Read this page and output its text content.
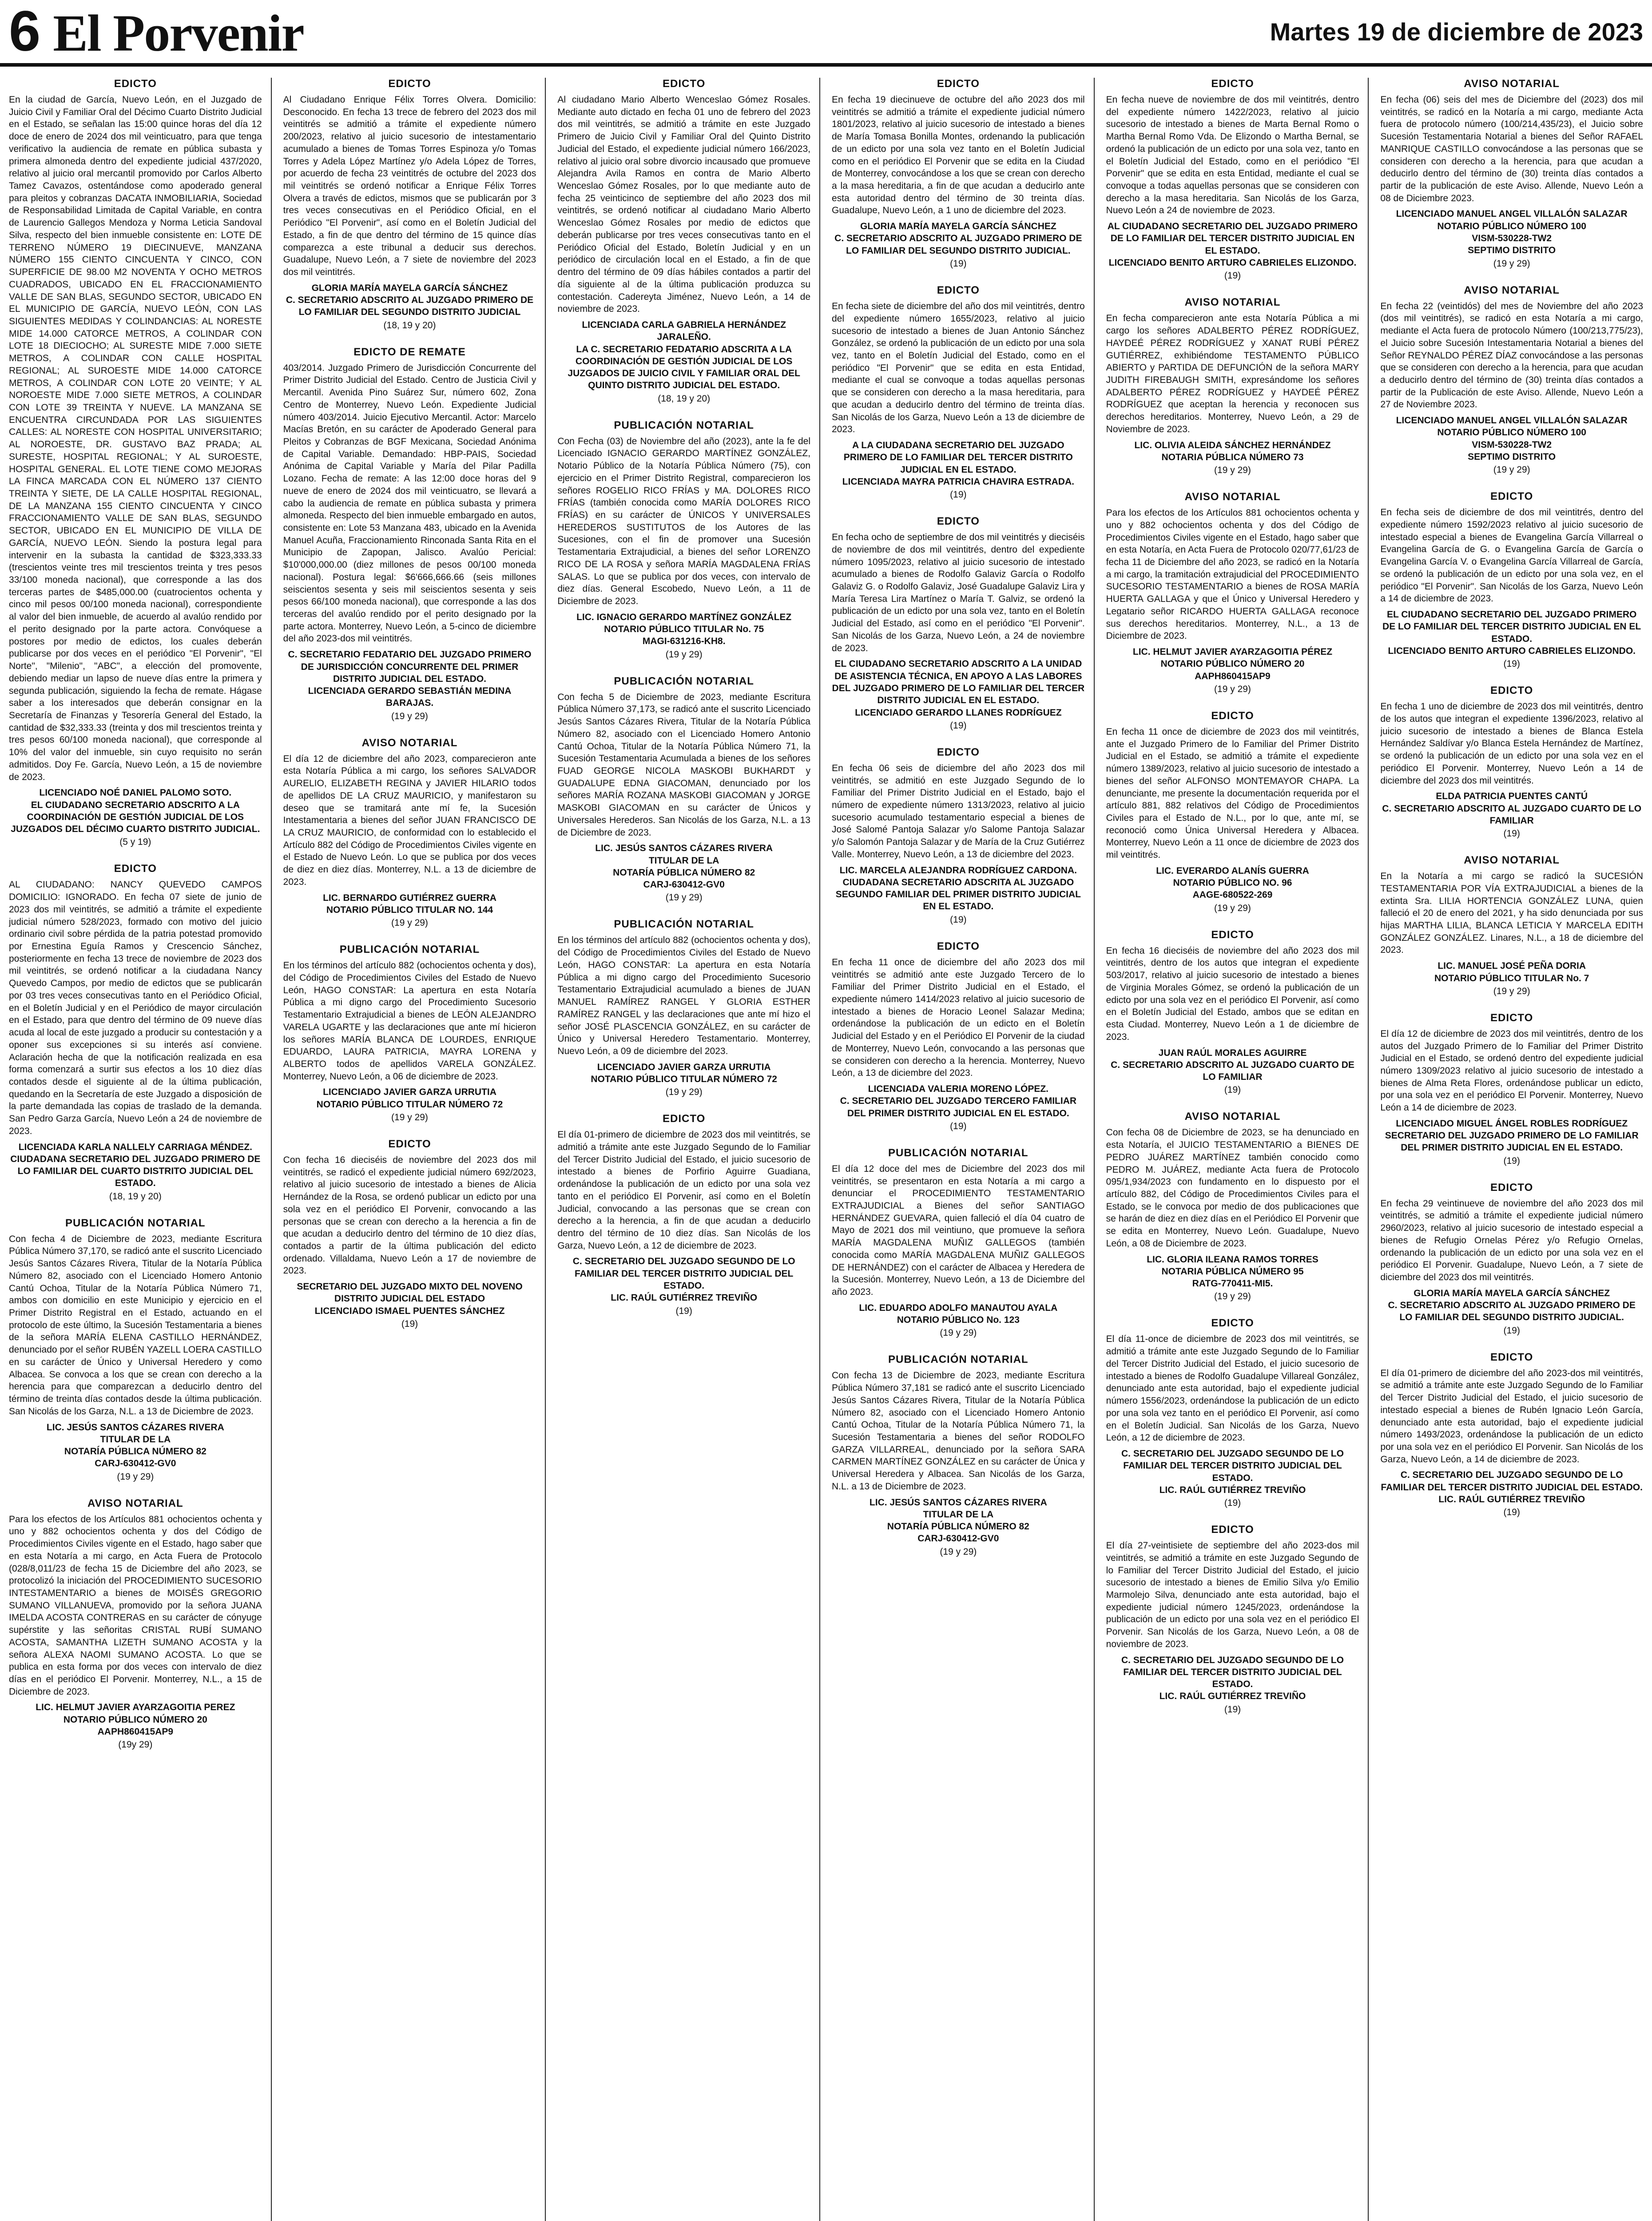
6 El Porvenir	Martes 19 de diciembre de 2023
EDICTO

En la ciudad de García, Nuevo León, en el Juzgado de Juicio Civil y Familiar Oral del Décimo Cuarto Distrito Judicial en el Estado, se señalan las 15:00 quince horas del día 12 doce de enero de 2024 dos mil veinticuatro, para que tenga verificativo la audiencia de remate en pública subasta y primera almoneda dentro del expediente judicial 437/2020, relativo al juicio oral mercantil promovido por Carlos Alberto Tamez Cavazos, ostentándose como apoderado general para pleitos y cobranzas DACATA INMOBILIARIA, Sociedad de Responsabilidad Limitada de Capital Variable, en contra de Laurencio Gallegos Mendoza y Norma Leticia Sandoval Silva, respecto del bien inmueble consistente en: LOTE DE TERRENO NÚMERO 19 DIECINUEVE, MANZANA NÚMERO 155 CIENTO CINCUENTA Y CINCO, CON SUPERFICIE DE 98.00 M2 NOVENTA Y OCHO METROS CUADRADOS, UBICADO EN EL FRACCIONAMIENTO VALLE DE SAN BLAS, SEGUNDO SECTOR, UBICADO EN EL MUNICIPIO DE GARCÍA, NUEVO LEÓN, CON LAS SIGUIENTES MEDIDAS Y COLINDANCIAS: AL NORESTE MIDE 14.000 CATORCE METROS, A COLINDAR CON LOTE 18 DIECIOCHO; AL SURESTE MIDE 7.000 SIETE METROS, A COLINDAR CON CALLE HOSPITAL REGIONAL; AL SUROESTE MIDE 14.000 CATORCE METROS, A COLINDAR CON LOTE 20 VEINTE; Y AL NOROESTE MIDE 7.000 SIETE METROS, A COLINDAR CON LOTE 39 TREINTA Y NUEVE. LA MANZANA SE ENCUENTRA CIRCUNDADA POR LAS SIGUIENTES CALLES: AL NORESTE CON HOSPITAL UNIVERSITARIO; AL NOROESTE, DR. GUSTAVO BAZ PRADA; AL SURESTE, HOSPITAL REGIONAL; Y AL SUROESTE, HOSPITAL GENERAL. EL LOTE TIENE COMO MEJORAS LA FINCA MARCADA CON EL NÚMERO 137 CIENTO TREINTA Y SIETE, DE LA CALLE HOSPITAL REGIONAL, DE LA MANZANA 155 CIENTO CINCUENTA Y CINCO FRACCIONAMIENTO VALLE DE SAN BLAS, SEGUNDO SECTOR, UBICADO EN EL MUNICIPIO DE VILLA DE GARCÍA, NUEVO LEÓN. Siendo la postura legal para intervenir en la subasta la cantidad de $323,333.33 (trescientos veinte tres mil trescientos treinta y tres pesos 33/100 moneda nacional), que corresponde a las dos terceras partes de $485,000.00 (cuatrocientos ochenta y cinco mil pesos 00/100 moneda nacional), correspondiente al valor del bien inmueble, de acuerdo al avalúo rendido por el perito designado por la parte actora. Convóquese a postores por medio de edictos, los cuales deberán publicarse por dos veces en el periódico "El Porvenir", "El Norte", "Milenio", "ABC", a elección del promovente, debiendo mediar un lapso de nueve días entre la primera y segunda publicación, siguiendo la fecha de remate. Hágase saber a los interesados que deberán consignar en la Secretaría de Finanzas y Tesorería General del Estado, la cantidad de $32,333.33 (treinta y dos mil trescientos treinta y tres pesos 60/100 moneda nacional), que corresponde al 10% del valor del inmueble, sin cuyo requisito no serán admitidos. Doy Fe. García, Nuevo León, a 15 de noviembre de 2023.

LICENCIADO NOÉ DANIEL PALOMO SOTO.
EL CIUDADANO SECRETARIO ADSCRITO A LA COORDINACIÓN DE GESTIÓN JUDICIAL DE LOS JUZGADOS DEL DÉCIMO CUARTO DISTRITO JUDICIAL.

(5 y 19)

EDICTO

AL CIUDADANO: NANCY QUEVEDO CAMPOS DOMICILIO: IGNORADO. En fecha 07 siete de junio de 2023 dos mil veintitrés, se admitió a trámite el expediente judicial número 528/2023, formado con motivo del juicio ordinario civil sobre pérdida de la patria potestad promovido por Ernestina Eguía Ramos y Crescencio Sánchez, posteriormente en fecha 13 trece de noviembre de 2023 dos mil veintitrés, se ordenó notificar a la ciudadana Nancy Quevedo Campos, por medio de edictos que se publicarán por 03 tres veces consecutivas tanto en el Periódico Oficial, en el Boletín Judicial y en el Periódico de mayor circulación en el Estado, para que dentro del término de 09 nueve días acuda al local de este juzgado a producir su contestación y a oponer sus excepciones si su interés así conviene. Aclaración hecha de que la notificación realizada en esa forma comenzará a surtir sus efectos a los 10 diez días contados desde el siguiente al de la última publicación, quedando en la Secretaría de este Juzgado a disposición de la parte demandada las copias de traslado de la demanda. San Pedro Garza García, Nuevo León a 24 de noviembre de 2023.

LICENCIADA KARLA NALLELY CARRIAGA MÉNDEZ.
CIUDADANA SECRETARIO DEL JUZGADO PRIMERO DE LO FAMILIAR DEL CUARTO DISTRITO JUDICIAL DEL ESTADO.

(18, 19 y 20)

PUBLICACIÓN NOTARIAL

Con fecha 4 de Diciembre de 2023, mediante Escritura Pública Número 37,170, se radicó ante el suscrito Licenciado Jesús Santos Cázares Rivera, Titular de la Notaría Pública Número 82, asociado con el Licenciado Homero Antonio Cantú Ochoa, Titular de la Notaría Pública Número 71, ambos con domicilio en este Municipio y ejercicio en el Primer Distrito Registral en el Estado, actuando en el protocolo de este último, la Sucesión Testamentaria a bienes de la señora MARÍA ELENA CASTILLO HERNÁNDEZ, denunciado por el señor RUBÉN YAZELL LOERA CASTILLO en su carácter de Único y Universal Heredero y como Albacea. Se convoca a los que se crean con derecho a la herencia para que comparezcan a deducirlo dentro del término de treinta días contados desde la última publicación. San Nicolás de los Garza, N.L. a 13 de Diciembre de 2023.

LIC. JESÚS SANTOS CÁZARES RIVERA
TITULAR DE LA
NOTARÍA PÚBLICA NÚMERO 82
CARJ-630412-GV0

(19 y 29)

AVISO NOTARIAL

Para los efectos de los Artículos 881 ochocientos ochenta y uno y 882 ochocientos ochenta y dos del Código de Procedimientos Civiles vigente en el Estado, hago saber que en esta Notaría a mi cargo, en Acta Fuera de Protocolo (028/8,011/23 de fecha 15 de Diciembre del año 2023, se protocolizó la iniciación del PROCEDIMIENTO SUCESORIO INTESTAMENTARIO a bienes de MOISÉS GREGORIO SUMANO VILLANUEVA, promovido por la señora JUANA IMELDA ACOSTA CONTRERAS en su carácter de cónyuge supérstite y las señoritas CRISTAL RUBÍ SUMANO ACOSTA, SAMANTHA LIZETH SUMANO ACOSTA y la señora ALEXA NAOMI SUMANO ACOSTA. Lo que se publica en esta forma por dos veces con intervalo de diez días en el periódico El Porvenir. Monterrey, N.L., a 15 de Diciembre de 2023.

LIC. HELMUT JAVIER AYARZAGOITIA PEREZ
NOTARIO PÚBLICO NÚMERO 20
AAPH860415AP9

(19y 29)

EDICTO

Al Ciudadano Enrique Félix Torres Olvera. Domicilio: Desconocido. En fecha 13 trece de febrero del 2023 dos mil veintitrés se admitió a trámite el expediente número 200/2023, relativo al juicio sucesorio de intestamentario acumulado a bienes de Tomas Torres Espinoza y/o Tomas Torres y Adela López Martínez y/o Adela López de Torres, por acuerdo de fecha 23 veintitrés de octubre del 2023 dos mil veintitrés se ordenó notificar a Enrique Félix Torres Olvera a través de edictos, mismos que se publicarán por 3 tres veces consecutivas en el Periódico Oficial, en el Periódico "El Porvenir", así como en el Boletín Judicial del Estado, a fin de que dentro del término de 15 quince días comparezca a este tribunal a deducir sus derechos. Guadalupe, Nuevo León, a 7 siete de noviembre del 2023 dos mil veintitrés.

GLORIA MARÍA MAYELA GARCÍA SÁNCHEZ
C. SECRETARIO ADSCRITO AL JUZGADO PRIMERO DE LO FAMILIAR DEL SEGUNDO DISTRITO JUDICIAL

(18, 19 y 20)

EDICTO DE REMATE

403/2014. Juzgado Primero de Jurisdicción Concurrente del Primer Distrito Judicial del Estado. Centro de Justicia Civil y Mercantil. Avenida Pino Suárez Sur, número 602, Zona Centro de Monterrey, Nuevo León. Expediente Judicial número 403/2014. Juicio Ejecutivo Mercantil. Actor: Marcelo Macías Bretón, en su carácter de Apoderado General para Pleitos y Cobranzas de BGF Mexicana, Sociedad Anónima de Capital Variable. Demandado: HBP-PAIS, Sociedad Anónima de Capital Variable y María del Pilar Padilla Lozano. Fecha de remate: A las 12:00 doce horas del 9 nueve de enero de 2024 dos mil veinticuatro, se llevará a cabo la audiencia de remate en pública subasta y primera almoneda. Respecto del bien inmueble embargado en autos, consistente en: Lote 53 Manzana 483, ubicado en la Avenida Manuel Acuña, Fraccionamiento Rinconada Santa Rita en el Municipio de Zapopan, Jalisco. Avalúo Pericial: $10'000,000.00 (diez millones de pesos 00/100 moneda nacional). Postura legal: $6'666,666.66 (seis millones seiscientos sesenta y seis mil seiscientos sesenta y seis pesos 66/100 moneda nacional), que corresponde a las dos terceras del avalúo rendido por el perito designado por la parte actora. Monterrey, Nuevo León, a 5-cinco de diciembre del año 2023-dos mil veintitrés.

C. SECRETARIO FEDATARIO DEL JUZGADO PRIMERO DE JURISDICCIÓN CONCURRENTE DEL PRIMER DISTRITO JUDICIAL DEL ESTADO.
LICENCIADA GERARDO SEBASTIÁN MEDINA BARAJAS.

(19 y 29)

AVISO NOTARIAL

El día 12 de diciembre del año 2023, comparecieron ante esta Notaría Pública a mi cargo, los señores SALVADOR AURELIO, ELIZABETH REGINA y JAVIER HILARIO todos de apellidos DE LA CRUZ MAURICIO, y manifestaron su deseo que se tramitará ante mí fe, la Sucesión Intestamentaria a bienes del señor JUAN FRANCISCO DE LA CRUZ MAURICIO, de conformidad con lo establecido el Artículo 882 del Código de Procedimientos Civiles vigente en el Estado de Nuevo León. Lo que se publica por dos veces de diez en diez días. Monterrey, N.L. a 13 de diciembre de 2023.

LIC. BERNARDO GUTIÉRREZ GUERRA
NOTARIO PÚBLICO TITULAR NO. 144

(19 y 29)

PUBLICACIÓN NOTARIAL

En los términos del artículo 882 (ochocientos ochenta y dos), del Código de Procedimientos Civiles del Estado de Nuevo León, HAGO CONSTAR: La apertura en esta Notaría Pública a mi digno cargo del Procedimiento Sucesorio Testamentario Extrajudicial a bienes de LEÓN ALEJANDRO VARELA UGARTE y las declaraciones que ante mí hicieron los señores MARÍA BLANCA DE LOURDES, ENRIQUE EDUARDO, LAURA PATRICIA, MAYRA LORENA y ALBERTO todos de apellidos VARELA GONZÁLEZ. Monterrey, Nuevo León, a 06 de diciembre de 2023.

LICENCIADO JAVIER GARZA URRUTIA
NOTARIO PÚBLICO TITULAR NÚMERO 72

(19 y 29)

EDICTO

Con fecha 16 dieciséis de noviembre del 2023 dos mil veintitrés, se radicó el expediente judicial número 692/2023, relativo al juicio sucesorio de intestado a bienes de Alicia Hernández de la Rosa, se ordenó publicar un edicto por una sola vez en el periódico El Porvenir, convocando a las personas que se crean con derecho a la herencia a fin de que acudan a deducirlo dentro del término de 10 diez días, contados a partir de la última publicación del edicto ordenado. Villaldama, Nuevo León a 17 de noviembre de 2023.

SECRETARIO DEL JUZGADO MIXTO DEL NOVENO DISTRITO JUDICIAL DEL ESTADO
LICENCIADO ISMAEL PUENTES SÁNCHEZ

(19)

EDICTO

Al ciudadano Mario Alberto Wenceslao Gómez Rosales. Mediante auto dictado en fecha 01 uno de febrero del 2023 dos mil veintitrés, se admitió a trámite en este Juzgado Primero de Juicio Civil y Familiar Oral del Quinto Distrito Judicial del Estado, el expediente judicial número 166/2023, relativo al juicio oral sobre divorcio incausado que promueve Alejandra Avila Ramos en contra de Mario Alberto Wenceslao Gómez Rosales, por lo que mediante auto de fecha 25 veinticinco de septiembre del año 2023 dos mil veintitrés, se ordenó notificar al ciudadano Mario Alberto Wenceslao Gómez Rosales por medio de edictos que deberán publicarse por tres veces consecutivas tanto en el Periódico Oficial del Estado, Boletín Judicial y en un periódico de circulación local en el Estado, a fin de que dentro del término de 09 días hábiles contados a partir del día siguiente al de la última publicación produzca su contestación. Cadereyta Jiménez, Nuevo León, a 14 de noviembre de 2023.

LICENCIADA CARLA GABRIELA HERNÁNDEZ JARALEÑO.
LA C. SECRETARIO FEDATARIO ADSCRITA A LA COORDINACIÓN DE GESTIÓN JUDICIAL DE LOS JUZGADOS DE JUICIO CIVIL Y FAMILIAR ORAL DEL QUINTO DISTRITO JUDICIAL DEL ESTADO.

(18, 19 y 20)

PUBLICACIÓN NOTARIAL

Con Fecha (03) de Noviembre del año (2023), ante la fe del Licenciado IGNACIO GERARDO MARTÍNEZ GONZÁLEZ, Notario Público de la Notaría Pública Número (75), con ejercicio en el Primer Distrito Registral, comparecieron los señores ROGELIO RICO FRÍAS y MA. DOLORES RICO FRÍAS (también conocida como MARÍA DOLORES RICO FRÍAS) en su carácter de ÚNICOS Y UNIVERSALES HEREDEROS SUSTITUTOS de los Autores de las Sucesiones, con el fin de promover una Sucesión Testamentaria Extrajudicial, a bienes del señor LORENZO RICO DE LA ROSA y señora MARÍA MAGDALENA FRÍAS SALAS. Lo que se publica por dos veces, con intervalo de diez días. General Escobedo, Nuevo León, a 11 de Diciembre de 2023.

LIC. IGNACIO GERARDO MARTÍNEZ GONZÁLEZ
NOTARIO PÚBLICO TITULAR No. 75
MAGI-631216-KH8.

(19 y 29)

PUBLICACIÓN NOTARIAL

Con fecha 5 de Diciembre de 2023, mediante Escritura Pública Número 37,173, se radicó ante el suscrito Licenciado Jesús Santos Cázares Rivera, Titular de la Notaría Pública Número 82, asociado con el Licenciado Homero Antonio Cantú Ochoa, Titular de la Notaría Pública Número 71, la Sucesión Testamentaria Acumulada a bienes de los señores FUAD GEORGE NICOLA MASKOBI BUKHARDT y GUADALUPE EDNA GIACOMAN, denunciado por los señores MARÍA ROZANA MASKOBI GIACOMAN y JORGE MASKOBI GIACOMAN en su carácter de Únicos y Universales Herederos. San Nicolás de los Garza, N.L. a 13 de Diciembre de 2023.

LIC. JESÚS SANTOS CÁZARES RIVERA
TITULAR DE LA
NOTARÍA PÚBLICA NÚMERO 82
CARJ-630412-GV0

(19 y 29)

PUBLICACIÓN NOTARIAL

En los términos del artículo 882 (ochocientos ochenta y dos), del Código de Procedimientos Civiles del Estado de Nuevo León, HAGO CONSTAR: La apertura en esta Notaría Pública a mi digno cargo del Procedimiento Sucesorio Testamentario Extrajudicial acumulado a bienes de JUAN MANUEL RAMÍREZ RANGEL Y GLORIA ESTHER RAMÍREZ RANGEL y las declaraciones que ante mí hizo el señor JOSÉ PLASCENCIA GONZÁLEZ, en su carácter de Único y Universal Heredero Testamentario. Monterrey, Nuevo León, a 09 de diciembre del 2023.

LICENCIADO JAVIER GARZA URRUTIA
NOTARIO PÚBLICO TITULAR NÚMERO 72

(19 y 29)

EDICTO

El día 01-primero de diciembre de 2023 dos mil veintitrés, se admitió a trámite ante este Juzgado Segundo de lo Familiar del Tercer Distrito Judicial del Estado, el juicio sucesorio de intestado a bienes de Porfirio Aguirre Guadiana, ordenándose la publicación de un edicto por una sola vez tanto en el periódico El Porvenir, así como en el Boletín Judicial, convocando a las personas que se crean con derecho a la herencia, a fin de que acudan a deducirlo dentro del término de 10 diez días. San Nicolás de los Garza, Nuevo León, a 12 de diciembre de 2023.

C. SECRETARIO DEL JUZGADO SEGUNDO DE LO FAMILIAR DEL TERCER DISTRITO JUDICIAL DEL ESTADO.
LIC. RAÚL GUTIÉRREZ TREVIÑO

(19)

EDICTO

En fecha 19 diecinueve de octubre del año 2023 dos mil veintitrés se admitió a trámite el expediente judicial número 1801/2023, relativo al juicio sucesorio de intestado a bienes de María Tomasa Bonilla Montes, ordenando la publicación de un edicto por una sola vez tanto en el Boletín Judicial como en el periódico El Porvenir que se edita en la Ciudad de Monterrey, convocándose a los que se crean con derecho a la masa hereditaria, a fin de que acudan a deducirlo ante esta autoridad dentro del término de 30 treinta días. Guadalupe, Nuevo León, a 1 uno de diciembre del 2023.

GLORIA MARÍA MAYELA GARCÍA SÁNCHEZ
C. SECRETARIO ADSCRITO AL JUZGADO PRIMERO DE LO FAMILIAR DEL SEGUNDO DISTRITO JUDICIAL.

(19)

EDICTO

En fecha siete de diciembre del año dos mil veintitrés, dentro del expediente número 1655/2023, relativo al juicio sucesorio de intestado a bienes de Juan Antonio Sánchez González, se ordenó la publicación de un edicto por una sola vez, tanto en el Boletín Judicial del Estado, como en el periódico "El Porvenir" que se edita en esta Entidad, mediante el cual se convoque a todas aquellas personas que se consideren con derecho a la masa hereditaria, para que acudan a deducirlo dentro del término de treinta días. San Nicolás de los Garza, Nuevo León a 13 de diciembre de 2023.

A LA CIUDADANA SECRETARIO DEL JUZGADO PRIMERO DE LO FAMILIAR DEL TERCER DISTRITO JUDICIAL EN EL ESTADO.
LICENCIADA MAYRA PATRICIA CHAVIRA ESTRADA.

(19)

EDICTO

En fecha ocho de septiembre de dos mil veintitrés y dieciséis de noviembre de dos mil veintitrés, dentro del expediente número 1095/2023, relativo al juicio sucesorio de intestado acumulado a bienes de Rodolfo Galaviz García o Rodolfo Galaviz G. o Rodolfo Galaviz, José Guadalupe Galaviz Lira y María Teresa Lira Martínez o María T. Galviz, se ordenó la publicación de un edicto por una sola vez, tanto en el Boletín Judicial del Estado, así como en el periódico "El Porvenir". San Nicolás de los Garza, Nuevo León, a 24 de noviembre de 2023.

EL CIUDADANO SECRETARIO ADSCRITO A LA UNIDAD DE ASISTENCIA TÉCNICA, EN APOYO A LAS LABORES DEL JUZGADO PRIMERO DE LO FAMILIAR DEL TERCER DISTRITO JUDICIAL EN EL ESTADO.
LICENCIADO GERARDO LLANES RODRÍGUEZ

(19)

EDICTO

En fecha 06 seis de diciembre del año 2023 dos mil veintitrés, se admitió en este Juzgado Segundo de lo Familiar del Primer Distrito Judicial en el Estado, bajo el número de expediente número 1313/2023, relativo al juicio sucesorio acumulado testamentario especial a bienes de José Salomé Pantoja Salazar y/o Salome Pantoja Salazar y/o Salomón Pantoja Salazar y de María de la Cruz Gutiérrez Valle. Monterrey, Nuevo León, a 13 de diciembre del 2023.

LIC. MARCELA ALEJANDRA RODRÍGUEZ CARDONA.
CIUDADANA SECRETARIO ADSCRITA AL JUZGADO SEGUNDO FAMILIAR DEL PRIMER DISTRITO JUDICIAL EN EL ESTADO.

(19)

EDICTO

En fecha 11 once de diciembre del año 2023 dos mil veintitrés se admitió ante este Juzgado Tercero de lo Familiar del Primer Distrito Judicial en el Estado, el expediente número 1414/2023 relativo al juicio sucesorio de intestado a bienes de Horacio Leonel Salazar Medina; ordenándose la publicación de un edicto en el Boletín Judicial del Estado y en el Periódico El Porvenir de la ciudad de Monterrey, Nuevo León, convocando a las personas que se consideren con derecho a la herencia. Monterrey, Nuevo León, a 13 de diciembre del 2023.

LICENCIADA VALERIA MORENO LÓPEZ.
C. SECRETARIO DEL JUZGADO TERCERO FAMILIAR DEL PRIMER DISTRITO JUDICIAL EN EL ESTADO.

(19)

PUBLICACIÓN NOTARIAL

El día 12 doce del mes de Diciembre del 2023 dos mil veintitrés, se presentaron en esta Notaría a mi cargo a denunciar el PROCEDIMIENTO TESTAMENTARIO EXTRAJUDICIAL a Bienes del señor SANTIAGO HERNÁNDEZ GUEVARA, quien falleció el día 04 cuatro de Mayo de 2021 dos mil veintiuno, que promueve la señora MARÍA MAGDALENA MUÑIZ GALLEGOS (también conocida como MARÍA MAGDALENA MUÑIZ GALLEGOS DE HERNÁNDEZ) con el carácter de Albacea y Heredera de la Sucesión. Monterrey, Nuevo León, a 13 de Diciembre del año 2023.

LIC. EDUARDO ADOLFO MANAUTOU AYALA
NOTARIO PÚBLICO No. 123

(19 y 29)

PUBLICACIÓN NOTARIAL

Con fecha 13 de Diciembre de 2023, mediante Escritura Pública Número 37,181 se radicó ante el suscrito Licenciado Jesús Santos Cázares Rivera, Titular de la Notaría Pública Número 82, asociado con el Licenciado Homero Antonio Cantú Ochoa, Titular de la Notaría Pública Número 71, la Sucesión Testamentaria a bienes del señor RODOLFO GARZA VILLARREAL, denunciado por la señora SARA CARMEN MARTÍNEZ GONZÁLEZ en su carácter de Única y Universal Heredera y Albacea. San Nicolás de los Garza, N.L. a 13 de Diciembre de 2023.

LIC. JESÚS SANTOS CÁZARES RIVERA
TITULAR DE LA
NOTARÍA PÚBLICA NÚMERO 82
CARJ-630412-GV0

(19 y 29)

EDICTO

En fecha nueve de noviembre de dos mil veintitrés, dentro del expediente número 1422/2023, relativo al juicio sucesorio de intestado a bienes de Marta Bernal Romo o Martha Bernal Romo Vda. De Elizondo o Martha Bernal, se ordenó la publicación de un edicto por una sola vez, tanto en el Boletín Judicial del Estado, como en el periódico "El Porvenir" que se edita en esta Entidad, mediante el cual se convoque a todas aquellas personas que se consideren con derecho a la masa hereditaria. San Nicolás de los Garza, Nuevo León a 24 de noviembre de 2023.

AL CIUDADANO SECRETARIO DEL JUZGADO PRIMERO DE LO FAMILIAR DEL TERCER DISTRITO JUDICIAL EN EL ESTADO.
LICENCIADO BENITO ARTURO CABRIELES ELIZONDO.

(19)

AVISO NOTARIAL

En fecha comparecieron ante esta Notaría Pública a mi cargo los señores ADALBERTO PÉREZ RODRÍGUEZ, HAYDEÉ PÉREZ RODRÍGUEZ y XANAT RUBÍ PÉREZ GUTIÉRREZ, exhibiéndome TESTAMENTO PÚBLICO ABIERTO y PARTIDA DE DEFUNCIÓN de la señora MARY JUDITH FIREBAUGH SMITH, expresándome los señores ADALBERTO PÉREZ RODRÍGUEZ y HAYDEÉ PÉREZ RODRÍGUEZ que aceptan la herencia y reconocen sus derechos hereditarios. Monterrey, Nuevo León, a 29 de Noviembre de 2023.

LIC. OLIVIA ALEIDA SÁNCHEZ HERNÁNDEZ
NOTARIA PÚBLICA NÚMERO 73

(19 y 29)

AVISO NOTARIAL

Para los efectos de los Artículos 881 ochocientos ochenta y uno y 882 ochocientos ochenta y dos del Código de Procedimientos Civiles vigente en el Estado, hago saber que en esta Notaría, en Acta Fuera de Protocolo 020/77,61/23 de fecha 11 de Diciembre del año 2023, se radicó en la Notaría a mi cargo, la tramitación extrajudicial del PROCEDIMIENTO SUCESORIO TESTAMENTARIO a bienes de ROSA MARÍA HUERTA GALLAGA y que el Único y Universal Heredero y Legatario señor RICARDO HUERTA GALLAGA reconoce sus derechos hereditarios. Monterrey, N.L., a 13 de Diciembre de 2023.

LIC. HELMUT JAVIER AYARZAGOITIA PÉREZ
NOTARIO PÚBLICO NÚMERO 20
AAPH860415AP9

(19 y 29)

EDICTO

En fecha 11 once de diciembre de 2023 dos mil veintitrés, ante el Juzgado Primero de lo Familiar del Primer Distrito Judicial en el Estado, se admitió a trámite el expediente número 1389/2023, relativo al juicio sucesorio de intestado a bienes del señor ALFONSO MONTEMAYOR CHAPA. La denunciante, me presente la documentación requerida por el artículo 881, 882 relativos del Código de Procedimientos Civiles para el Estado de N.L., por lo que, ante mí, se reconoció como Única Universal Heredera y Albacea. Monterrey, Nuevo León a 11 once de diciembre de 2023 dos mil veintitrés.

LIC. EVERARDO ALANÍS GUERRA
NOTARIO PÚBLICO NO. 96
AAGE-680522-269

(19 y 29)

EDICTO

En fecha 16 dieciséis de noviembre del año 2023 dos mil veintitrés, dentro de los autos que integran el expediente 503/2017, relativo al juicio sucesorio de intestado a bienes de Virginia Morales Gómez, se ordenó la publicación de un edicto por una sola vez en el periódico El Porvenir, así como en el Boletín Judicial del Estado, ambos que se editan en esta Ciudad. Monterrey, Nuevo León a 1 de diciembre de 2023.

JUAN RAÚL MORALES AGUIRRE
C. SECRETARIO ADSCRITO AL JUZGADO CUARTO DE LO FAMILIAR

(19)

AVISO NOTARIAL

Con fecha 08 de Diciembre de 2023, se ha denunciado en esta Notaría, el JUICIO TESTAMENTARIO a BIENES DE PEDRO JUÁREZ MARTÍNEZ también conocido como PEDRO M. JUÁREZ, mediante Acta fuera de Protocolo 095/1,934/2023 con fundamento en lo dispuesto por el artículo 882, del Código de Procedimientos Civiles para el Estado, se le convoca por medio de dos publicaciones que se harán de diez en diez días en el Periódico El Porvenir que se edita en Monterrey, Nuevo León. Guadalupe, Nuevo León, a 08 de Diciembre de 2023.

LIC. GLORIA ILEANA RAMOS TORRES
NOTARIA PÚBLICA NÚMERO 95
RATG-770411-MI5.

(19 y 29)

EDICTO

El día 11-once de diciembre de 2023 dos mil veintitrés, se admitió a trámite ante este Juzgado Segundo de lo Familiar del Tercer Distrito Judicial del Estado, el juicio sucesorio de intestado a bienes de Rodolfo Guadalupe Villareal González, denunciado ante esta autoridad, bajo el expediente judicial número 1556/2023, ordenándose la publicación de un edicto por una sola vez tanto en el periódico El Porvenir, así como en el Boletín Judicial. San Nicolás de los Garza, Nuevo León, a 12 de diciembre de 2023.

C. SECRETARIO DEL JUZGADO SEGUNDO DE LO FAMILIAR DEL TERCER DISTRITO JUDICIAL DEL ESTADO.
LIC. RAÚL GUTIÉRREZ TREVIÑO

(19)

EDICTO

El día 27-veintisiete de septiembre del año 2023-dos mil veintitrés, se admitió a trámite en este Juzgado Segundo de lo Familiar del Tercer Distrito Judicial del Estado, el juicio sucesorio de intestado a bienes de Emilio Silva y/o Emilio Marmolejo Silva, denunciado ante esta autoridad, bajo el expediente judicial número 1245/2023, ordenándose la publicación de un edicto por una sola vez en el periódico El Porvenir. San Nicolás de los Garza, Nuevo León, a 08 de noviembre de 2023.

C. SECRETARIO DEL JUZGADO SEGUNDO DE LO FAMILIAR DEL TERCER DISTRITO JUDICIAL DEL ESTADO.
LIC. RAÚL GUTIÉRREZ TREVIÑO

(19)

AVISO NOTARIAL

En fecha (06) seis del mes de Diciembre del (2023) dos mil veintitrés, se radicó en la Notaría a mi cargo, mediante Acta fuera de protocolo número (100/214,435/23), el Juicio sobre Sucesión Testamentaria Notarial a bienes del Señor RAFAEL MANRIQUE CASTILLO convocándose a las personas que se consideren con derecho a la herencia, para que acudan a deducirlo dentro del término de (30) treinta días contados a partir de la publicación de este Aviso. Allende, Nuevo León a 08 de Diciembre 2023.

LICENCIADO MANUEL ANGEL VILLALÓN SALAZAR
NOTARIO PÚBLICO NÚMERO 100
VISM-530228-TW2
SEPTIMO DISTRITO

(19 y 29)

AVISO NOTARIAL

En fecha 22 (veintidós) del mes de Noviembre del año 2023 (dos mil veintitrés), se radicó en esta Notaría a mi cargo, mediante el Acta fuera de protocolo Número (100/213,775/23), el Juicio sobre Sucesión Intestamentaria Notarial a bienes del Señor REYNALDO PÉREZ DÍAZ convocándose a las personas que se consideren con derecho a la herencia, para que acudan a deducirlo dentro del término de (30) treinta días contados a partir de la Publicación de este Aviso. Allende, Nuevo León a 27 de Noviembre 2023.

LICENCIADO MANUEL ANGEL VILLALÓN SALAZAR
NOTARIO PÚBLICO NÚMERO 100
VISM-530228-TW2
SEPTIMO DISTRITO

(19 y 29)

EDICTO

En fecha seis de diciembre de dos mil veintitrés, dentro del expediente número 1592/2023 relativo al juicio sucesorio de intestado especial a bienes de Evangelina García Villarreal o Evangelina García de G. o Evangelina García de García o Evangelina García V. o Evangelina García Villarreal de García, se ordenó la publicación de un edicto por una sola vez, en el periódico "El Porvenir". San Nicolás de los Garza, Nuevo León a 14 de diciembre de 2023.

EL CIUDADANO SECRETARIO DEL JUZGADO PRIMERO DE LO FAMILIAR DEL TERCER DISTRITO JUDICIAL EN EL ESTADO.
LICENCIADO BENITO ARTURO CABRIELES ELIZONDO.

(19)

EDICTO

En fecha 1 uno de diciembre de 2023 dos mil veintitrés, dentro de los autos que integran el expediente 1396/2023, relativo al juicio sucesorio de intestado a bienes de Blanca Estela Hernández Saldívar y/o Blanca Estela Hernández de Martínez, se ordenó la publicación de un edicto por una sola vez en el periódico El Porvenir. Monterrey, Nuevo León a 14 de diciembre del 2023 dos mil veintitrés.

ELDA PATRICIA PUENTES CANTÚ
C. SECRETARIO ADSCRITO AL JUZGADO CUARTO DE LO FAMILIAR

(19)

AVISO NOTARIAL

En la Notaría a mi cargo se radicó la SUCESIÓN TESTAMENTARIA POR VÍA EXTRAJUDICIAL a bienes de la extinta Sra. LILIA HORTENCIA GONZÁLEZ LUNA, quien falleció el 20 de enero del 2021, y ha sido denunciada por sus hijas MARTHA LILIA, BLANCA LETICIA Y MARCELA EDITH GONZÁLEZ GONZÁLEZ. Linares, N.L., a 18 de diciembre del 2023.

LIC. MANUEL JOSÉ PEÑA DORIA
NOTARIO PÚBLICO TITULAR No. 7

(19 y 29)

EDICTO

El día 12 de diciembre de 2023 dos mil veintitrés, dentro de los autos del Juzgado Primero de lo Familiar del Primer Distrito Judicial en el Estado, se ordenó dentro del expediente judicial número 1309/2023 relativo al juicio sucesorio de intestado a bienes de Alma Reta Flores, ordenándose publicar un edicto, por una sola vez en el periódico El Porvenir. Monterrey, Nuevo León a 14 de diciembre de 2023.

LICENCIADO MIGUEL ÁNGEL ROBLES RODRÍGUEZ
SECRETARIO DEL JUZGADO PRIMERO DE LO FAMILIAR DEL PRIMER DISTRITO JUDICIAL EN EL ESTADO.

(19)

EDICTO

En fecha 29 veintinueve de noviembre del año 2023 dos mil veintitrés, se admitió a trámite el expediente judicial número 2960/2023, relativo al juicio sucesorio de intestado especial a bienes de Refugio Ornelas Pérez y/o Refugio Ornelas, ordenando la publicación de un edicto por una sola vez en el periódico El Porvenir. Guadalupe, Nuevo León, a 7 siete de diciembre del 2023 dos mil veintitrés.

GLORIA MARÍA MAYELA GARCÍA SÁNCHEZ
C. SECRETARIO ADSCRITO AL JUZGADO PRIMERO DE LO FAMILIAR DEL SEGUNDO DISTRITO JUDICIAL.

(19)

EDICTO

El día 01-primero de diciembre del año 2023-dos mil veintitrés, se admitió a trámite ante este Juzgado Segundo de lo Familiar del Tercer Distrito Judicial del Estado, el juicio sucesorio de intestado especial a bienes de Rubén Ignacio León García, denunciado ante esta autoridad, bajo el expediente judicial número 1493/2023, ordenándose la publicación de un edicto por una sola vez en el periódico El Porvenir. San Nicolás de los Garza, Nuevo León, a 14 de diciembre de 2023.

C. SECRETARIO DEL JUZGADO SEGUNDO DE LO FAMILIAR DEL TERCER DISTRITO JUDICIAL DEL ESTADO.
LIC. RAÚL GUTIÉRREZ TREVIÑO

(19)
